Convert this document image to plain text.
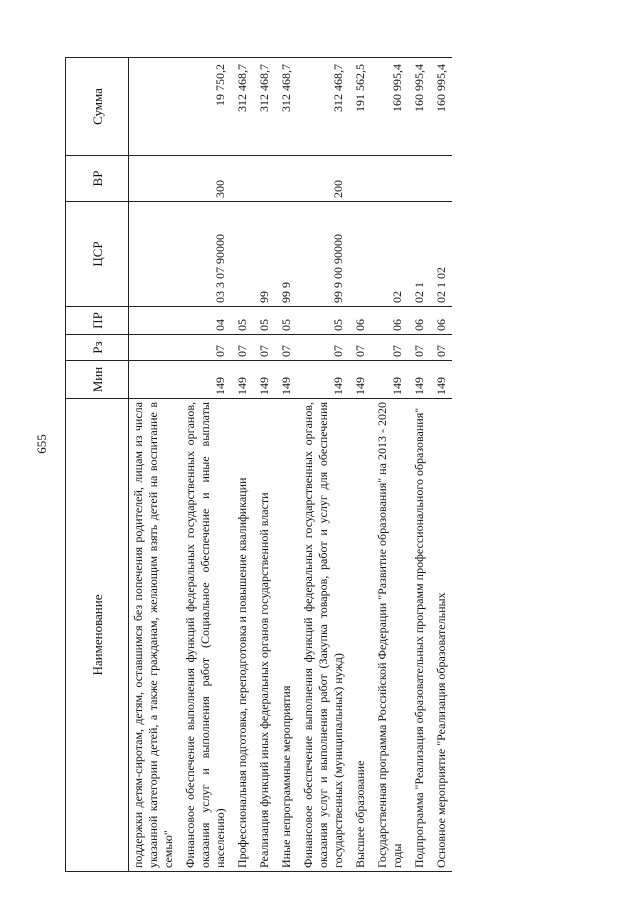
655
Наименование	Мин	Рз	ПР	ЦСР	ВР	Сумма
поддержки детям-сиротам, детям, оставшимся без попечения родителей, лицам из числа указанной категории детей, а также гражданам, желающим взять детей на воспитание в семью"						
Финансовое обеспечение выполнения функций федеральных государственных органов, оказания услуг и выполнения работ (Социальное обеспечение и иные выплаты населению)	149	07	04	03 3 07 90000	300	19 750,2
Профессиональная подготовка, переподготовка и повышение квалификации	149	07	05			312 468,7
Реализация функций иных федеральных органов государственной власти	149	07	05	99		312 468,7
Иные непрограммные мероприятия	149	07	05	99 9		312 468,7
Финансовое обеспечение выполнения функций федеральных государственных органов, оказания услуг и выполнения работ (Закупка товаров, работ и услуг для обеспечения государственных (муниципальных) нужд)	149	07	05	99 9 00 90000	200	312 468,7
Высшее образование	149	07	06			191 562,5
Государственная программа Российской Федерации "Развитие образования" на 2013 - 2020 годы	149	07	06	02		160 995,4
Подпрограмма "Реализация образовательных программ профессионального образования"	149	07	06	02 1		160 995,4
Основное мероприятие "Реализация образовательных	149	07	06	02 1 02		160 995,4
